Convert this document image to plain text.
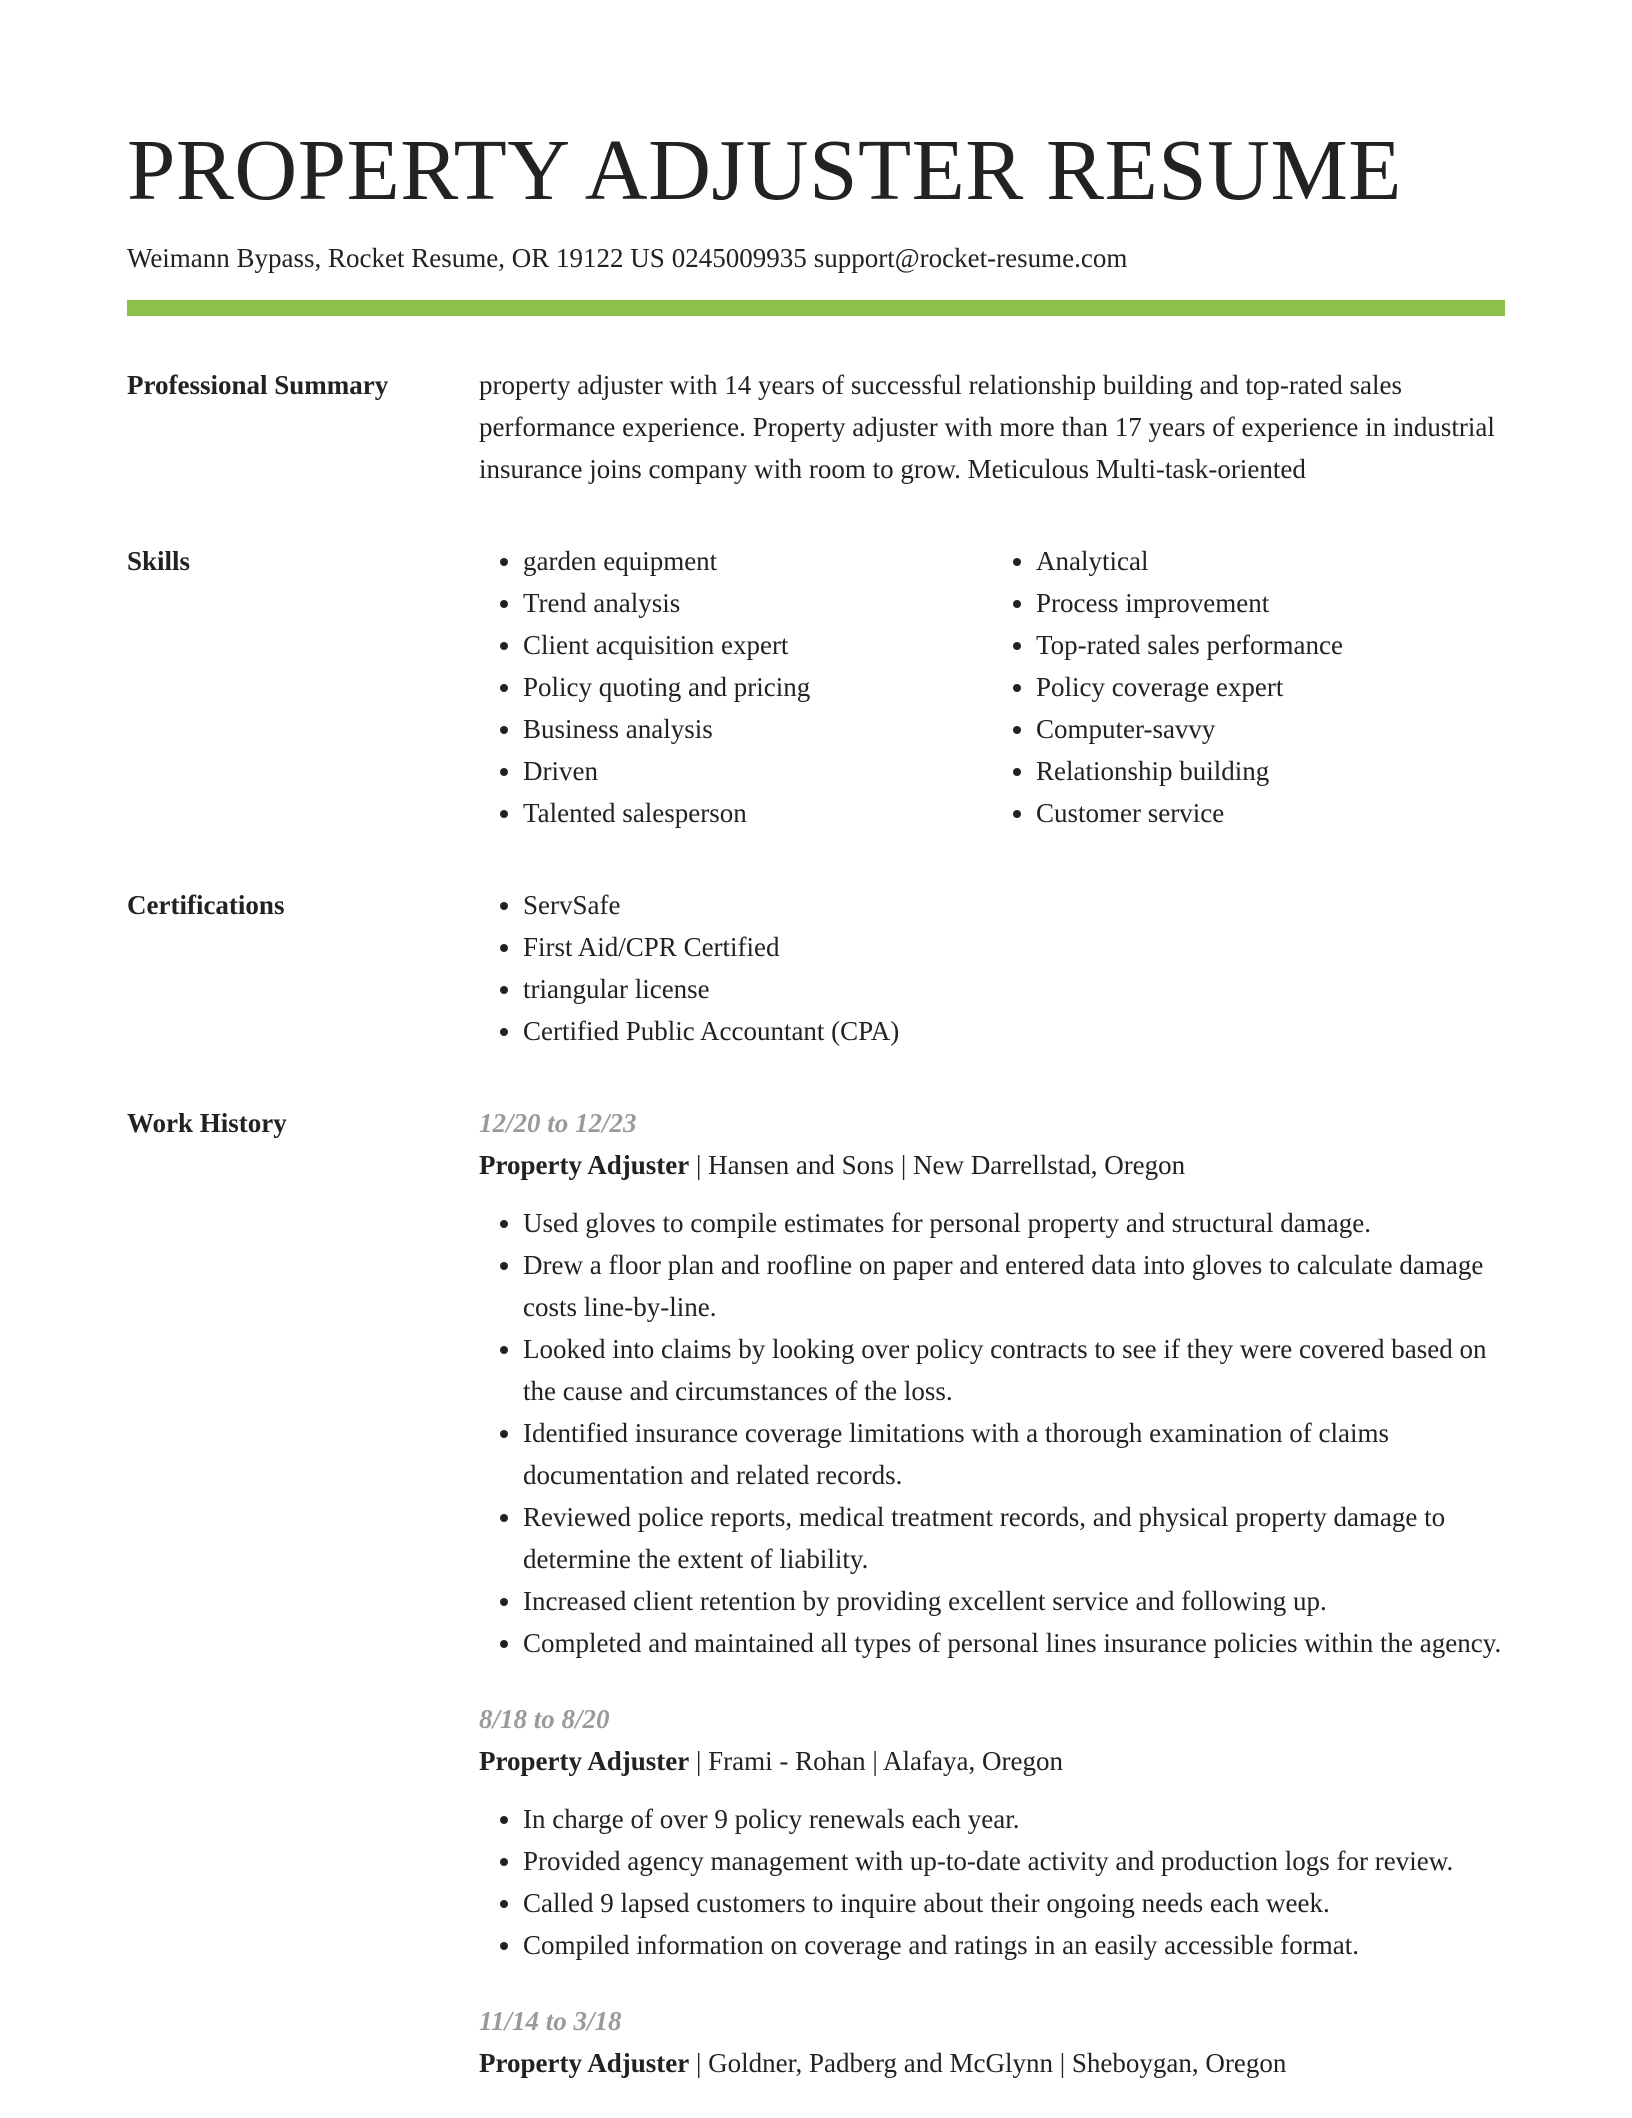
PROPERTY ADJUSTER RESUME
Weimann Bypass, Rocket Resume, OR 19122 US 0245009935 support@rocket-resume.com
Professional Summary	property adjuster with 14 years of successful relationship building and top-rated sales performance experience. Property adjuster with more than 17 years of experience in industrial insurance joins company with room to grow. Meticulous Multi-task-oriented

Skills	• garden equipment
• Trend analysis
• Client acquisition expert
• Policy quoting and pricing
• Business analysis
• Driven
• Talented salesperson
• Analytical
• Process improvement
• Top-rated sales performance
• Policy coverage expert
• Computer-savvy
• Relationship building
• Customer service
Certifications	• ServSafe
• First Aid/CPR Certified
• triangular license
• Certified Public Accountant (CPA)
Work History	12/20 to 12/23
Property Adjuster | Hansen and Sons | New Darrellstad, Oregon
• Used gloves to compile estimates for personal property and structural damage.
• Drew a floor plan and roofline on paper and entered data into gloves to calculate damage costs line-by-line.
• Looked into claims by looking over policy contracts to see if they were covered based on the cause and circumstances of the loss.
• Identified insurance coverage limitations with a thorough examination of claims documentation and related records.
• Reviewed police reports, medical treatment records, and physical property damage to determine the extent of liability.
• Increased client retention by providing excellent service and following up.
• Completed and maintained all types of personal lines insurance policies within the agency.
8/18 to 8/20
Property Adjuster | Frami - Rohan | Alafaya, Oregon
• In charge of over 9 policy renewals each year.
• Provided agency management with up-to-date activity and production logs for review.
• Called 9 lapsed customers to inquire about their ongoing needs each week.
• Compiled information on coverage and ratings in an easily accessible format.
11/14 to 3/18
Property Adjuster | Goldner, Padberg and McGlynn | Sheboygan, Oregon
